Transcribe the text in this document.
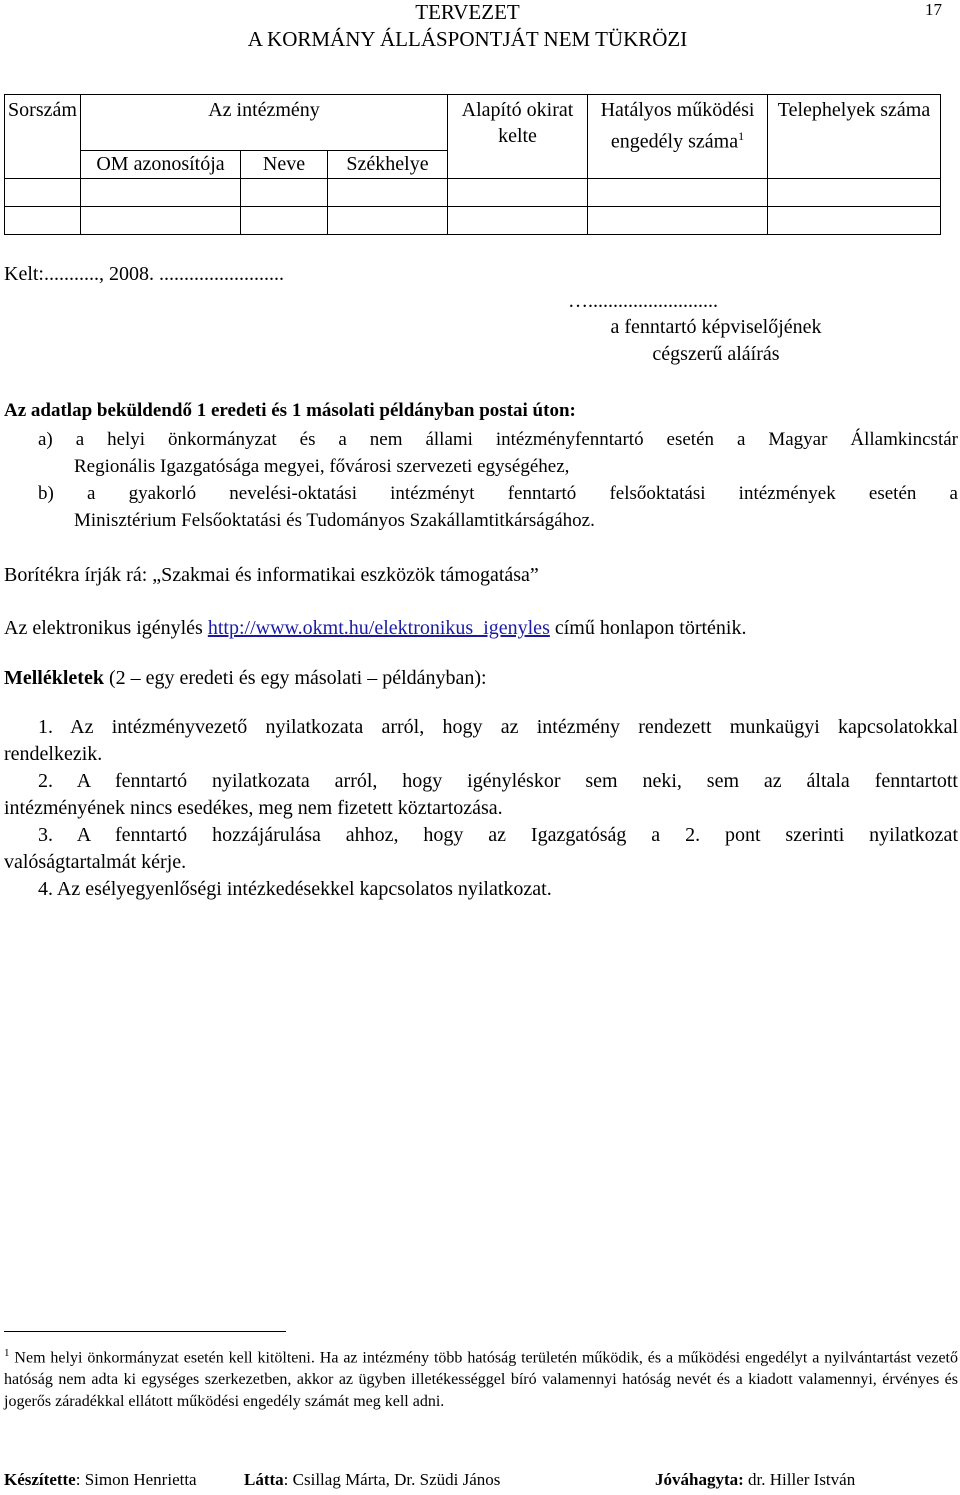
TERVEZET
A KORMÁNY ÁLLÁSPONTJÁT NEM TÜKRÖZI
17
Sorszám	Az intézmény			Alapító okirat kelte	Hatályos működési engedély száma$^1$	Telephelyek száma
	OM azonosítója	Neve	Székhelye			

Kelt:..........., 2008. .........................
…..........................
a fenntartó képviselőjének
cégszerű aláírás
Az adatlap beküldendő 1 eredeti és 1 másolati példányban postai úton:
a) a helyi önkormányzat és a nem állami intézményfenntartó esetén a Magyar Államkincstár
Regionális Igazgatósága megyei, fővárosi szervezeti egységéhez,
b) a gyakorló nevelési-oktatási intézményt fenntartó felsőoktatási intézmények esetén a
Minisztérium Felsőoktatási és Tudományos Szakállamtitkárságához.
Borítékra írják rá: „Szakmai és informatikai eszközök támogatása”
Az elektronikus igénylés http://www.okmt.hu/elektronikus_igenyles című honlapon történik.
Mellékletek (2 – egy eredeti és egy másolati – példányban):
1. Az intézményvezető nyilatkozata arról, hogy az intézmény rendezett munkaügyi kapcsolatokkal
rendelkezik.
2. A fenntartó nyilatkozata arról, hogy igényléskor sem neki, sem az általa fenntartott
intézményének nincs esedékes, meg nem fizetett köztartozása.
3. A fenntartó hozzájárulása ahhoz, hogy az Igazgatóság a 2. pont szerinti nyilatkozat
valóságtartalmát kérje.
4. Az esélyegyenlőségi intézkedésekkel kapcsolatos nyilatkozat.
$^1$ Nem helyi önkormányzat esetén kell kitölteni. Ha az intézmény több hatóság területén működik, és a működési engedélyt a nyilvántartást vezető hatóság nem adta ki egységes szerkezetben, akkor az ügyben illetékességgel bíró valamennyi hatóság nevét és a kiadott valamennyi, érvényes és jogerős záradékkal ellátott működési engedély számát meg kell adni.
Készítette: Simon Henrietta	Látta: Csillag Márta, Dr. Szüdi János	Jóváhagyta: dr. Hiller István
